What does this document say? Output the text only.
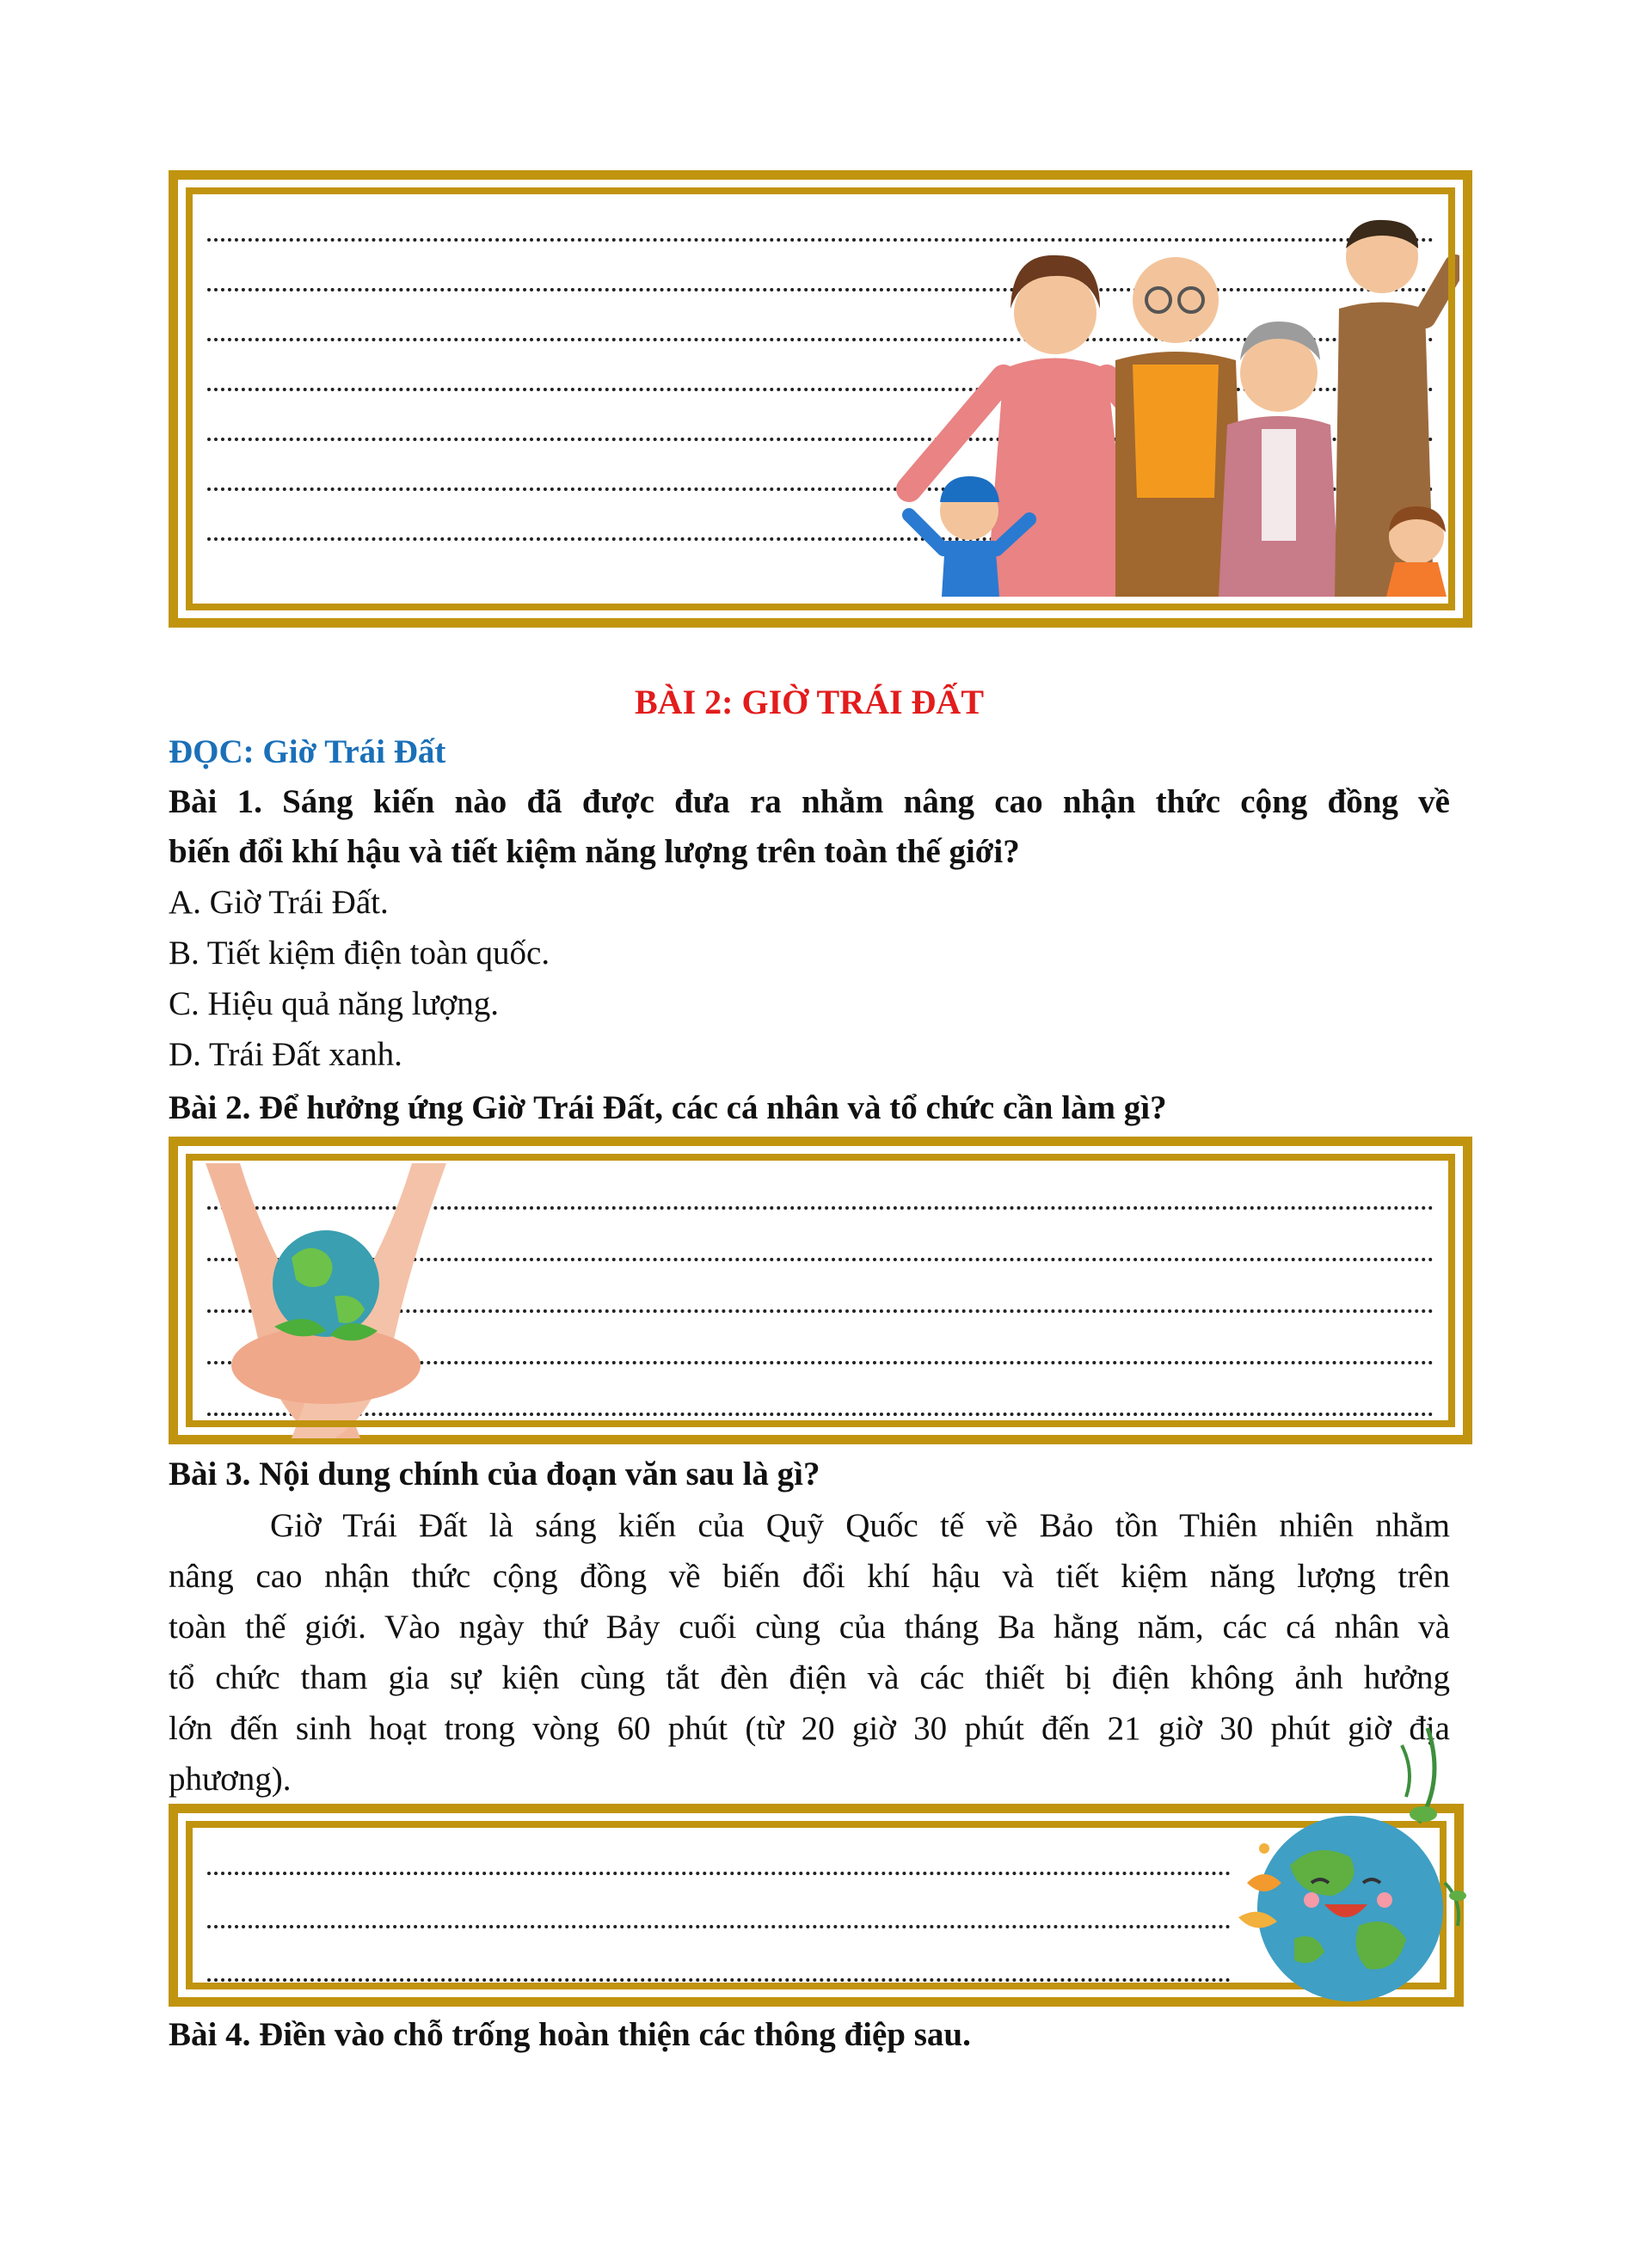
BÀI 2: GIỜ TRÁI ĐẤT
ĐỌC: Giờ Trái Đất
Bài 1. Sáng kiến nào đã được đưa ra nhằm nâng cao nhận thức cộng đồng về
biến đổi khí hậu và tiết kiệm năng lượng trên toàn thế giới?
A. Giờ Trái Đất.
B. Tiết kiệm điện toàn quốc.
C. Hiệu quả năng lượng.
D. Trái Đất xanh.
Bài 2. Để hưởng ứng Giờ Trái Đất, các cá nhân và tổ chức cần làm gì?
Bài 3. Nội dung chính của đoạn văn sau là gì?
Giờ Trái Đất là sáng kiến của Quỹ Quốc tế về Bảo tồn Thiên nhiên nhằm
nâng cao nhận thức cộng đồng về biến đổi khí hậu và tiết kiệm năng lượng trên
toàn thế giới. Vào ngày thứ Bảy cuối cùng của tháng Ba hằng năm, các cá nhân và
tổ chức tham gia sự kiện cùng tắt đèn điện và các thiết bị điện không ảnh hưởng
lớn đến sinh hoạt trong vòng 60 phút (từ 20 giờ 30 phút đến 21 giờ 30 phút giờ địa
phương).
Bài 4. Điền vào chỗ trống hoàn thiện các thông điệp sau.
